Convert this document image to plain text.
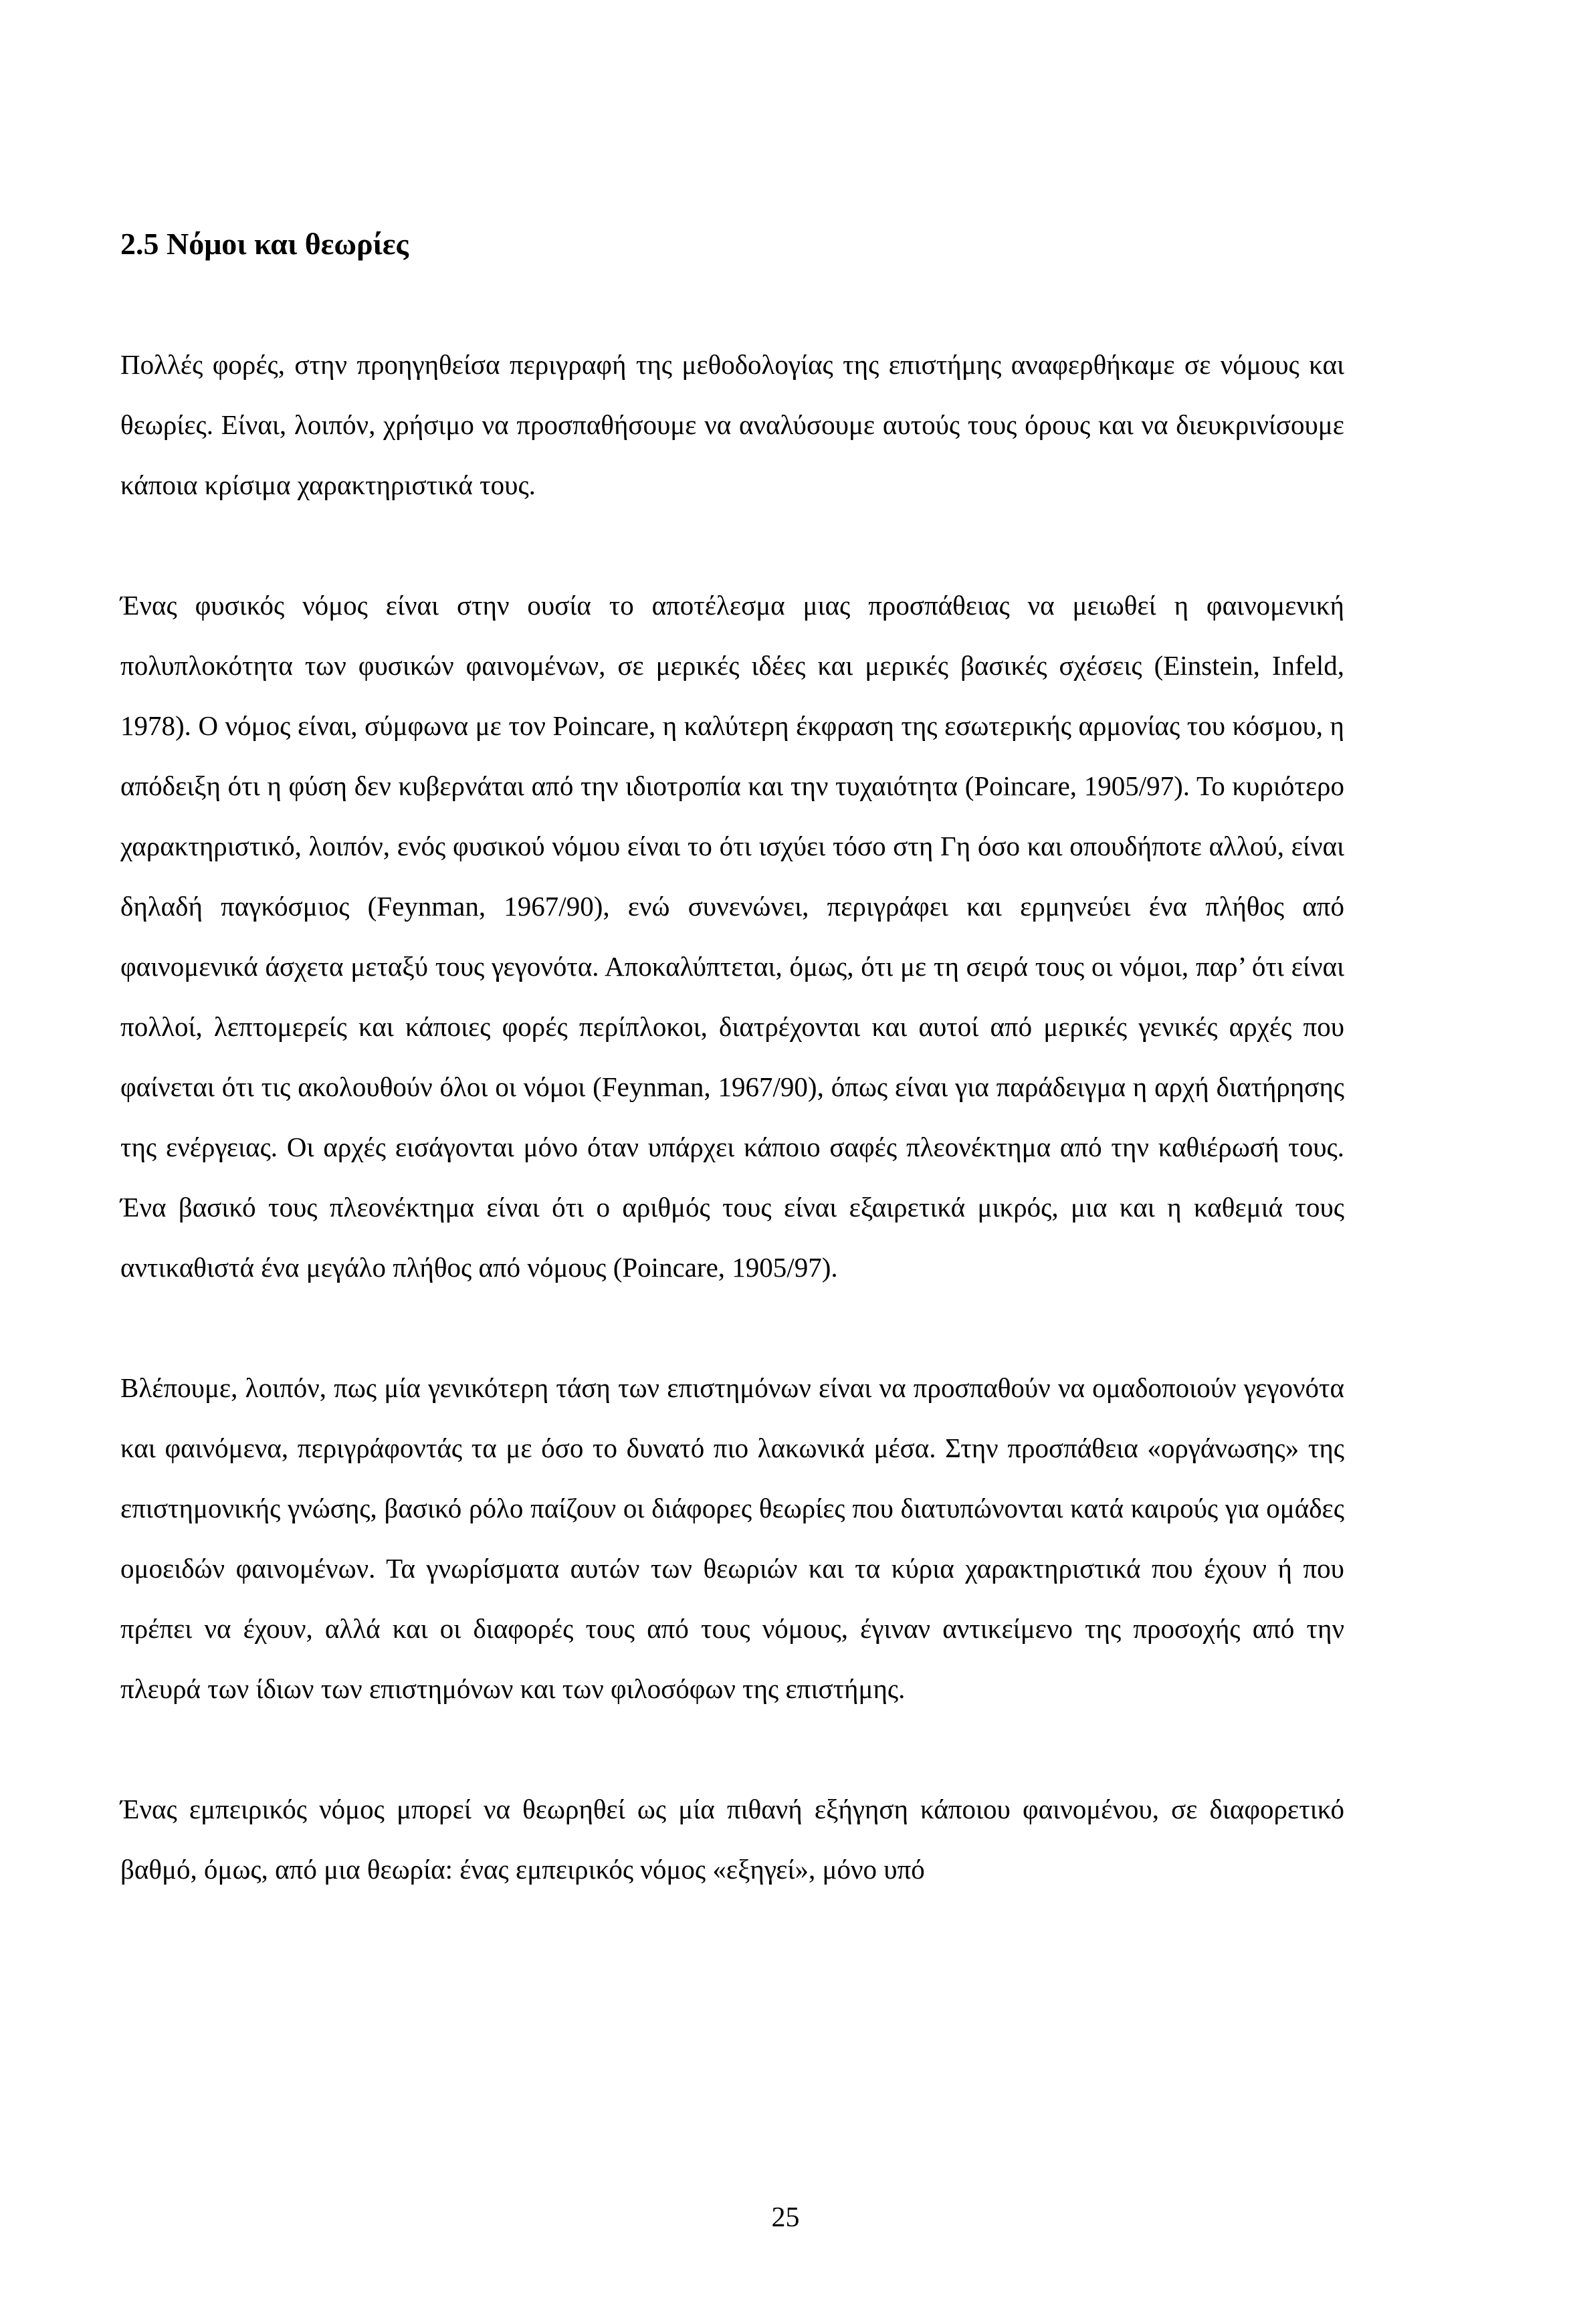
2.5 Νόμοι και θεωρίες

Πολλές φορές, στην προηγηθείσα περιγραφή της μεθοδολογίας της επιστήμης αναφερθήκαμε σε νόμους και θεωρίες. Είναι, λοιπόν, χρήσιμο να προσπαθήσουμε να αναλύσουμε αυτούς τους όρους και να διευκρινίσουμε κάποια κρίσιμα χαρακτηριστικά τους.

Ένας φυσικός νόμος είναι στην ουσία το αποτέλεσμα μιας προσπάθειας να μειωθεί η φαινομενική πολυπλοκότητα των φυσικών φαινομένων, σε μερικές ιδέες και μερικές βασικές σχέσεις (Einstein, Infeld, 1978). Ο νόμος είναι, σύμφωνα με τον Poincare, η καλύτερη έκφραση της εσωτερικής αρμονίας του κόσμου, η απόδειξη ότι η φύση δεν κυβερνάται από την ιδιοτροπία και την τυχαιότητα (Poincare, 1905/97). Το κυριότερο χαρακτηριστικό, λοιπόν, ενός φυσικού νόμου είναι το ότι ισχύει τόσο στη Γη όσο και οπουδήποτε αλλού, είναι δηλαδή παγκόσμιος (Feynman, 1967/90), ενώ συνενώνει, περιγράφει και ερμηνεύει ένα πλήθος από φαινομενικά άσχετα μεταξύ τους γεγονότα. Αποκαλύπτεται, όμως, ότι με τη σειρά τους οι νόμοι, παρ’ ότι είναι πολλοί, λεπτομερείς και κάποιες φορές περίπλοκοι, διατρέχονται και αυτοί από μερικές γενικές αρχές που φαίνεται ότι τις ακολουθούν όλοι οι νόμοι (Feynman, 1967/90), όπως είναι για παράδειγμα η αρχή διατήρησης της ενέργειας. Οι αρχές εισάγονται μόνο όταν υπάρχει κάποιο σαφές πλεονέκτημα από την καθιέρωσή τους. Ένα βασικό τους πλεονέκτημα είναι ότι ο αριθμός τους είναι εξαιρετικά μικρός, μια και η καθεμιά τους αντικαθιστά ένα μεγάλο πλήθος από νόμους (Poincare, 1905/97).

Βλέπουμε, λοιπόν, πως μία γενικότερη τάση των επιστημόνων είναι να προσπαθούν να ομαδοποιούν γεγονότα και φαινόμενα, περιγράφοντάς τα με όσο το δυνατό πιο λακωνικά μέσα. Στην προσπάθεια «οργάνωσης» της επιστημονικής γνώσης, βασικό ρόλο παίζουν οι διάφορες θεωρίες που διατυπώνονται κατά καιρούς για ομάδες ομοειδών φαινομένων. Τα γνωρίσματα αυτών των θεωριών και τα κύρια χαρακτηριστικά που έχουν ή που πρέπει να έχουν, αλλά και οι διαφορές τους από τους νόμους, έγιναν αντικείμενο της προσοχής από την πλευρά των ίδιων των επιστημόνων και των φιλοσόφων της επιστήμης.

Ένας εμπειρικός νόμος μπορεί να θεωρηθεί ως μία πιθανή εξήγηση κάποιου φαινομένου, σε διαφορετικό βαθμό, όμως, από μια θεωρία: ένας εμπειρικός νόμος «εξηγεί», μόνο υπό

25
